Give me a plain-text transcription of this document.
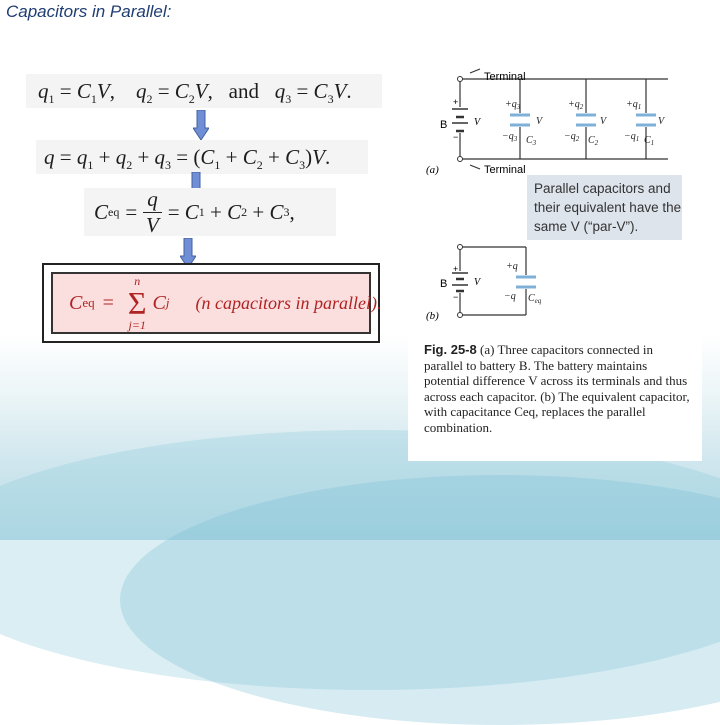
Capacitors in Parallel:
$q_1 = C_1V$,    $q_2 = C_2V$, and   $q_3 = C_3V$.
$q = q_1 + q_2 + q_3 = (C_1 + C_2 + C_3)V$.
C eq = $\frac{q}{V} = C$ 1
+ C 2
+ C 3 ,
C eq =
n
Σ
j=1
C j (n capacitors in parallel).
Terminal
Terminal
B
+
−
V
$+q_3$
$-q_3$ $C_3$
V
$+q_2$
$-q_2$ $C_2$
V
$+q_1$
$-q_1$ $C_1$
V
(a)
B
+
−
V
+q
−q $C_{eq}$
(b)
Parallel capacitors and their equivalent have the same V (“par-V”).
Fig. 25-8 (a) Three capacitors connected in parallel to battery B. The battery maintains potential difference V across its terminals and thus across each capacitor. (b) The equivalent capacitor, with capacitance Ceq, replaces the parallel combination.
